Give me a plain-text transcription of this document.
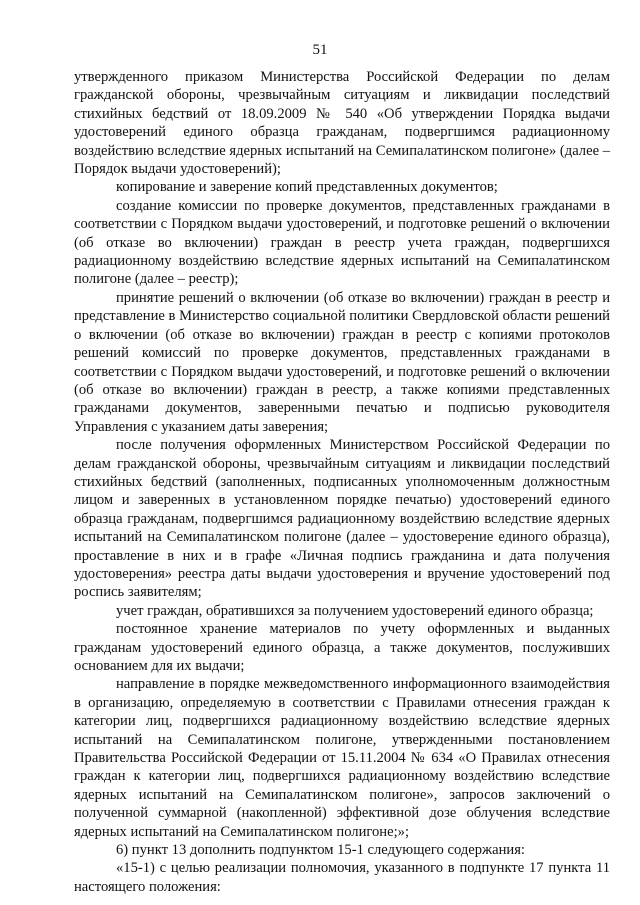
51

утвержденного приказом Министерства Российской Федерации по делам гражданской обороны, чрезвычайным ситуациям и ликвидации последствий стихийных бедствий от 18.09.2009 № 540 «Об утверждении Порядка выдачи удостоверений единого образца гражданам, подвергшимся радиационному воздействию вследствие ядерных испытаний на Семипалатинском полигоне» (далее – Порядок выдачи удостоверений);

копирование и заверение копий представленных документов;

создание комиссии по проверке документов, представленных гражданами в соответствии с Порядком выдачи удостоверений, и подготовке решений о включении (об отказе во включении) граждан в реестр учета граждан, подвергшихся радиационному воздействию вследствие ядерных испытаний на Семипалатинском полигоне (далее – реестр);

принятие решений о включении (об отказе во включении) граждан в реестр и представление в Министерство социальной политики Свердловской области решений о включении (об отказе во включении) граждан в реестр с копиями протоколов решений комиссий по проверке документов, представленных гражданами в соответствии с Порядком выдачи удостоверений, и подготовке решений о включении (об отказе во включении) граждан в реестр, а также копиями представленных гражданами документов, заверенными печатью и подписью руководителя Управления с указанием даты заверения;

после получения оформленных Министерством Российской Федерации по делам гражданской обороны, чрезвычайным ситуациям и ликвидации последствий стихийных бедствий (заполненных, подписанных уполномоченным должностным лицом и заверенных в установленном порядке печатью) удостоверений единого образца гражданам, подвергшимся радиационному воздействию вследствие ядерных испытаний на Семипалатинском полигоне (далее – удостоверение единого образца), проставление в них и в графе «Личная подпись гражданина и дата получения удостоверения» реестра даты выдачи удостоверения и вручение удостоверений под роспись заявителям;

учет граждан, обратившихся за получением удостоверений единого образца;

постоянное хранение материалов по учету оформленных и выданных гражданам удостоверений единого образца, а также документов, послуживших основанием для их выдачи;

направление в порядке межведомственного информационного взаимодействия в организацию, определяемую в соответствии с Правилами отнесения граждан к категории лиц, подвергшихся радиационному воздействию вследствие ядерных испытаний на Семипалатинском полигоне, утвержденными постановлением Правительства Российской Федерации от 15.11.2004 № 634 «О Правилах отнесения граждан к категории лиц, подвергшихся радиационному воздействию вследствие ядерных испытаний на Семипалатинском полигоне», запросов заключений о полученной суммарной (накопленной) эффективной дозе облучения вследствие ядерных испытаний на Семипалатинском полигоне;»;

6) пункт 13 дополнить подпунктом 15-1 следующего содержания:

«15-1) с целью реализации полномочия, указанного в подпункте 17 пункта 11 настоящего положения:
